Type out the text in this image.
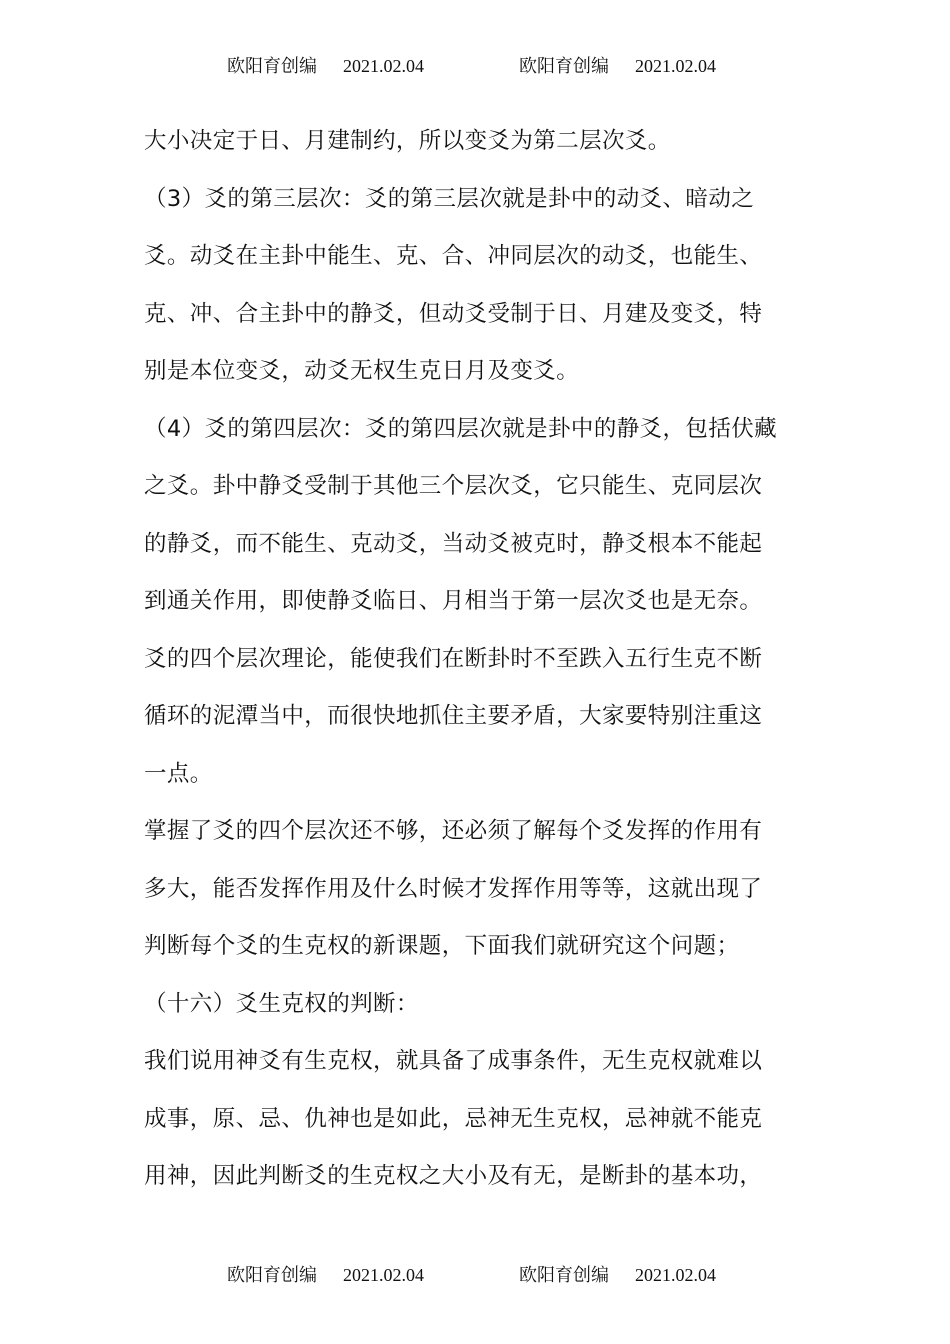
欧阳育创编 2021.02.04	欧阳育创编 2021.02.04
大小决定于日、月建制约，所以变爻为第二层次爻。
（3）爻的第三层次：爻的第三层次就是卦中的动爻、暗动之
爻。动爻在主卦中能生、克、合、冲同层次的动爻，也能生、
克、冲、合主卦中的静爻，但动爻受制于日、月建及变爻，特
别是本位变爻，动爻无权生克日月及变爻。
（4）爻的第四层次：爻的第四层次就是卦中的静爻，包括伏藏
之爻。卦中静爻受制于其他三个层次爻，它只能生、克同层次
的静爻，而不能生、克动爻，当动爻被克时，静爻根本不能起
到通关作用，即使静爻临日、月相当于第一层次爻也是无奈。
爻的四个层次理论，能使我们在断卦时不至跌入五行生克不断
循环的泥潭当中，而很快地抓住主要矛盾，大家要特别注重这
一点。
掌握了爻的四个层次还不够，还必须了解每个爻发挥的作用有
多大，能否发挥作用及什么时候才发挥作用等等，这就出现了
判断每个爻的生克权的新课题，下面我们就研究这个问题；
（十六）爻生克权的判断：
我们说用神爻有生克权，就具备了成事条件，无生克权就难以
成事，原、忌、仇神也是如此，忌神无生克权，忌神就不能克
用神，因此判断爻的生克权之大小及有无，是断卦的基本功，
欧阳育创编 2021.02.04	欧阳育创编 2021.02.04
